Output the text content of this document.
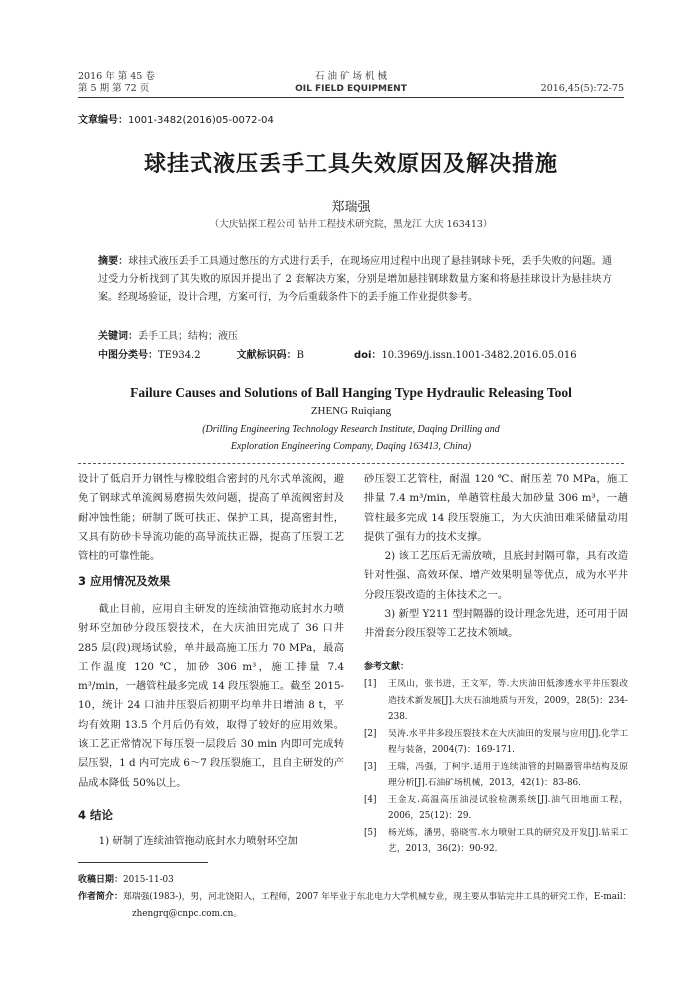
2016 年 第 45 卷
第 5 期 第 72 页
石 油 矿 场 机 械
OIL FIELD EQUIPMENT	2016,45(5):72-75
文章编号：1001-3482(2016)05-0072-04
球挂式液压丢手工具失效原因及解决措施
郑瑞强
（大庆钻探工程公司 钻井工程技术研究院，黑龙江 大庆 163413）
摘要：球挂式液压丢手工具通过憋压的方式进行丢手，在现场应用过程中出现了悬挂钢球卡死，丢手失败的问题。通过受力分析找到了其失败的原因并提出了 2 套解决方案，分别是增加悬挂钢球数量方案和将悬挂球设计为悬挂块方案。经现场验证，设计合理，方案可行，为今后重载条件下的丢手施工作业提供参考。
关键词：丢手工具；结构；液压
中图分类号：TE934.2	文献标识码：B	doi：10.3969/j.issn.1001-3482.2016.05.016
Failure Causes and Solutions of Ball Hanging Type Hydraulic Releasing Tool
ZHENG Ruiqiang
(Drilling Engineering Technology Research Institute, Daqing Drilling and
Exploration Engineering Company, Daqing 163413, China)

设计了低启开力钢性与橡胶组合密封的凡尔式单流阀，避免了钢球式单流阀易磨损失效问题，提高了单流阀密封及耐冲蚀性能；研制了既可扶正、保护工具，提高密封性，又具有防砂卡导流功能的高导流扶正器，提高了压裂工艺管柱的可靠性能。

3 应用情况及效果

截止目前，应用自主研发的连续油管拖动底封水力喷射环空加砂分段压裂技术，在大庆油田完成了 36 口井 285 层(段)现场试验，单井最高施工压力 70 MPa，最高工作温度 120 ℃，加砂 306 m³，施工排量 7.4 m³/min，一趟管柱最多完成 14 段压裂施工。截至 2015-10，统计 24 口油井压裂后初期平均单井日增油 8 t，平均有效期 13.5 个月后仍有效，取得了较好的应用效果。该工艺正常情况下每压裂一层段后 30 min 内即可完成转层压裂，1 d 内可完成 6～7 段压裂施工，且自主研发的产品成本降低 50%以上。

4 结论

1) 研制了连续油管拖动底封水力喷射环空加

砂压裂工艺管柱，耐温 120 ℃、耐压差 70 MPa，施工排量 7.4 m³/min，单趟管柱最大加砂量 306 m³，一趟管柱最多完成 14 段压裂施工，为大庆油田难采储量动用提供了强有力的技术支撑。

2) 该工艺压后无需放喷，且底封封隔可靠，具有改造针对性强、高效环保、增产效果明显等优点，成为水平井分段压裂改造的主体技术之一。

3) 新型 Y211 型封隔器的设计理念先进，还可用于固井滑套分段压裂等工艺技术领域。

参考文献：
[1]	王凤山，张书进，王文军，等.大庆油田低渗透水平井压裂改造技术新发展[J].大庆石油地质与开发，2009，28(5)：234-238.
[2]	吴涛.水平井多段压裂技术在大庆油田的发展与应用[J].化学工程与装备，2004(7)：169-171.
[3]	王瑞，冯强，丁柯宇.适用于连续油管的封隔器管串结构及原理分析[J].石油矿场机械，2013，42(1)：83-86.
[4]	王金友.高温高压油浸试验检测系统[J].油气田地面工程，2006，25(12)：29.
[5]	杨光炼，潘男，骆晓雪.水力喷射工具的研究及开发[J].钻采工艺，2013，36(2)：90-92.
收稿日期：2015-11-03
作者简介：郑瑞强(1983-)，男，河北饶阳人，工程师，2007 年毕业于东北电力大学机械专业，现主要从事钻完井工具的研究工作，E-mail：zhengrq@cnpc.com.cn。
